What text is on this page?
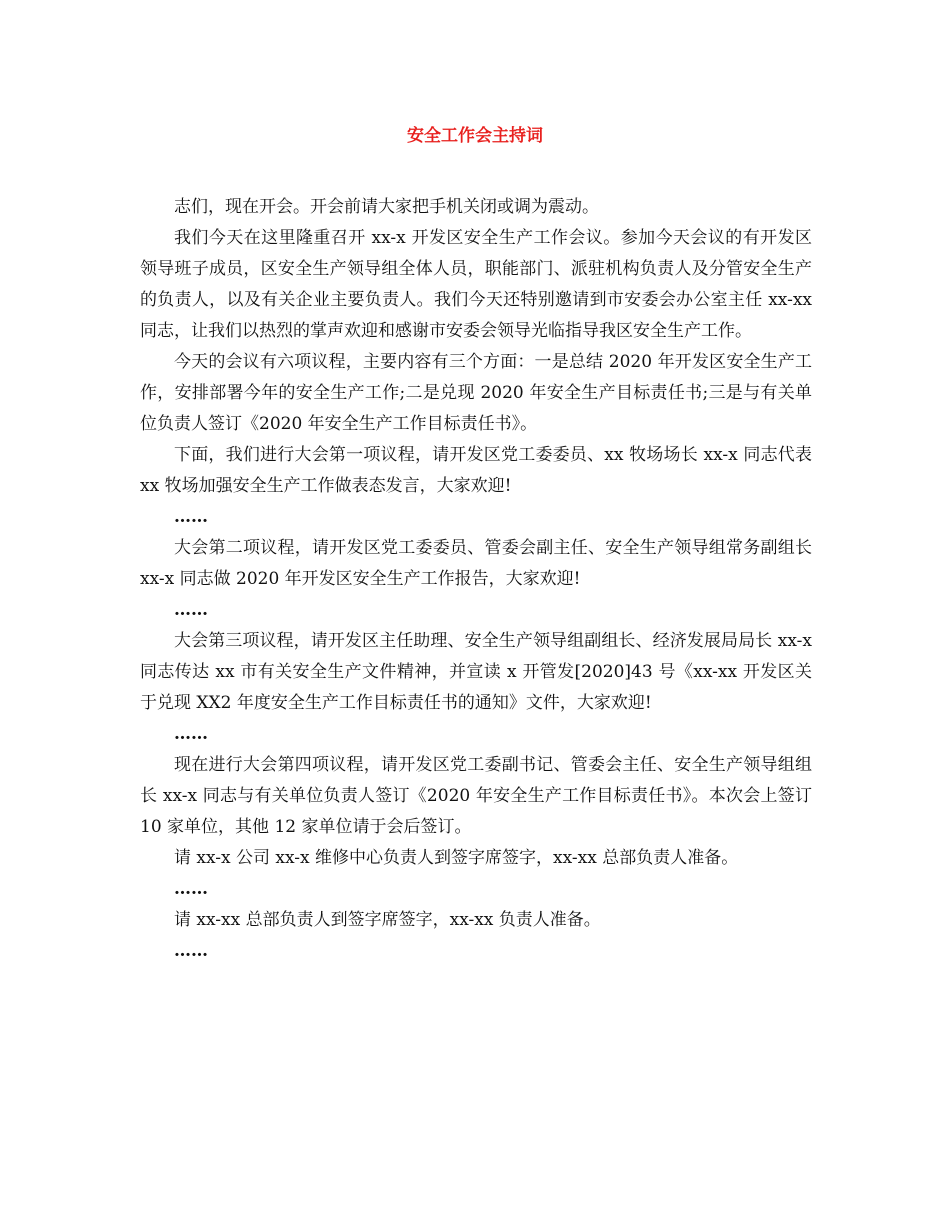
安全工作会主持词

志们，现在开会。开会前请大家把手机关闭或调为震动。

我们今天在这里隆重召开 xx-x 开发区安全生产工作会议。参加今天会议的有开发区领导班子成员，区安全生产领导组全体人员，职能部门、派驻机构负责人及分管安全生产的负责人，以及有关企业主要负责人。我们今天还特别邀请到市安委会办公室主任 xx-xx 同志，让我们以热烈的掌声欢迎和感谢市安委会领导光临指导我区安全生产工作。

今天的会议有六项议程，主要内容有三个方面：一是总结 2020 年开发区安全生产工作，安排部署今年的安全生产工作;二是兑现 2020 年安全生产目标责任书;三是与有关单位负责人签订《2020 年安全生产工作目标责任书》。

下面，我们进行大会第一项议程，请开发区党工委委员、xx 牧场场长 xx-x 同志代表 xx 牧场加强安全生产工作做表态发言，大家欢迎!

……

大会第二项议程，请开发区党工委委员、管委会副主任、安全生产领导组常务副组长 xx-x 同志做 2020 年开发区安全生产工作报告，大家欢迎!

……

大会第三项议程，请开发区主任助理、安全生产领导组副组长、经济发展局局长 xx-x 同志传达 xx 市有关安全生产文件精神，并宣读 x 开管发[2020]43 号《xx-xx 开发区关于兑现 XX2 年度安全生产工作目标责任书的通知》文件，大家欢迎!

……

现在进行大会第四项议程，请开发区党工委副书记、管委会主任、安全生产领导组组长 xx-x 同志与有关单位负责人签订《2020 年安全生产工作目标责任书》。本次会上签订 10 家单位，其他 12 家单位请于会后签订。

请 xx-x 公司 xx-x 维修中心负责人到签字席签字，xx-xx 总部负责人准备。

……

请 xx-xx 总部负责人到签字席签字，xx-xx 负责人准备。

……
